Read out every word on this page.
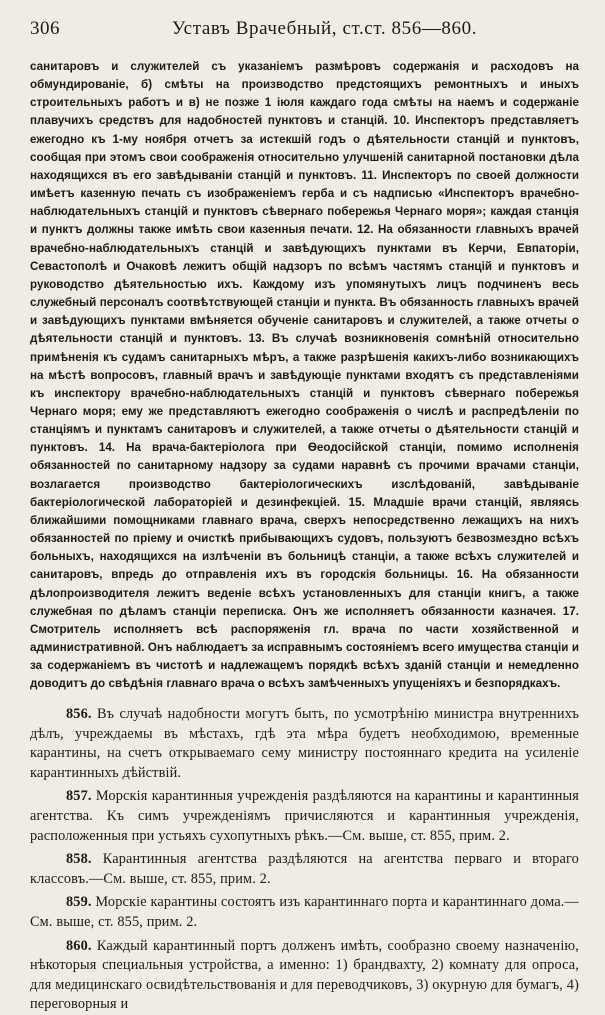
306	Уставъ Врачебный, ст.ст. 856—860.

санитаровъ и служителей съ указаніемъ размѣровъ содержанія и расходовъ на обмундированіе, б) смѣты на производство предстоящихъ ремонтныхъ и иныхъ строительныхъ работъ и в) не позже 1 іюля каждаго года смѣты на наемъ и содержаніе плавучихъ средствъ для надобностей пунктовъ и станцій. 10. Инспекторъ представляетъ ежегодно къ 1-му ноября отчетъ за истекшій годъ о дѣятельности станцій и пунктовъ, сообщая при этомъ свои соображенія относительно улучшеній санитарной постановки дѣла находящихся въ его завѣдываніи станцій и пунктовъ. 11. Инспекторъ по своей должности имѣетъ казенную печать съ изображеніемъ герба и съ надписью «Инспекторъ врачебно-наблюдательныхъ станцій и пунктовъ сѣвернаго побережья Чернаго моря»; каждая станція и пунктъ должны также имѣть свои казенныя печати. 12. На обязанности главныхъ врачей врачебно-наблюдательныхъ станцій и завѣдующихъ пунктами въ Керчи, Евпаторіи, Севастополѣ и Очаковѣ лежитъ общій надзоръ по всѣмъ частямъ станцій и пунктовъ и руководство дѣятельностью ихъ. Каждому изъ упомянутыхъ лицъ подчиненъ весь служебный персоналъ соотвѣтствующей станціи и пункта. Въ обязанность главныхъ врачей и завѣдующихъ пунктами вмѣняется обученіе санитаровъ и служителей, а также отчеты о дѣятельности станцій и пунктовъ. 13. Въ случаѣ возникновенія сомнѣній относительно примѣненія къ судамъ санитарныхъ мѣръ, а также разрѣшенія какихъ-либо возникающихъ на мѣстѣ вопросовъ, главный врачъ и завѣдующіе пунктами входятъ съ представленіями къ инспектору врачебно-наблюдательныхъ станцій и пунктовъ сѣвернаго побережья Чернаго моря; ему же представляютъ ежегодно соображенія о числѣ и распредѣленіи по станціямъ и пунктамъ санитаровъ и служителей, а также отчеты о дѣятельности станцій и пунктовъ. 14. На врача-бактеріолога при Ѳеодосійской станціи, помимо исполненія обязанностей по санитарному надзору за судами наравнѣ съ прочими врачами станціи, возлагается производство бактеріологическихъ изслѣдованій, завѣдываніе бактеріологической лабораторіей и дезинфекціей. 15. Младшіе врачи станцій, являясь ближайшими помощниками главнаго врача, сверхъ непосредственно лежащихъ на нихъ обязанностей по пріему и очисткѣ прибывающихъ судовъ, пользуютъ безвозмездно всѣхъ больныхъ, находящихся на излѣченіи въ больницѣ станціи, а также всѣхъ служителей и санитаровъ, впредь до отправленія ихъ въ городскія больницы. 16. На обязанности дѣлопроизводителя лежитъ веденіе всѣхъ установленныхъ для станціи книгъ, а также служебная по дѣламъ станціи переписка. Онъ же исполняетъ обязанности казначея. 17. Смотритель исполняетъ всѣ распоряженія гл. врача по части хозяйственной и административной. Онъ наблюдаетъ за исправнымъ состояніемъ всего имущества станціи и за содержаніемъ въ чистотѣ и надлежащемъ порядкѣ всѣхъ зданій станціи и немедленно доводитъ до свѣдѣнія главнаго врача о всѣхъ замѣченныхъ упущеніяхъ и безпорядкахъ.

856. Въ случаѣ надобности могутъ быть, по усмотрѣнію министра внутреннихъ дѣлъ, учреждаемы въ мѣстахъ, гдѣ эта мѣра будетъ необходимою, временные карантины, на счетъ открываемаго сему министру постояннаго кредита на усиленіе карантинныхъ дѣйствій.

857. Морскія карантинныя учрежденія раздѣляются на карантины и карантинныя агентства. Къ симъ учрежденіямъ причисляются и карантинныя учрежденія, расположенныя при устьяхъ сухопутныхъ рѣкъ.—См. выше, ст. 855, прим. 2.

858. Карантинныя агентства раздѣляются на агентства перваго и втораго классовъ.—См. выше, ст. 855, прим. 2.

859. Морскіе карантины состоятъ изъ карантиннаго порта и карантиннаго дома.—См. выше, ст. 855, прим. 2.

860. Каждый карантинный портъ долженъ имѣть, сообразно своему назначенію, нѣкоторыя специальныя устройства, а именно: 1) брандвахту, 2) комнату для опроса, для медицинскаго освидѣтельствованія и для переводчиковъ, 3) окурную для бумагъ, 4) переговорныя и
